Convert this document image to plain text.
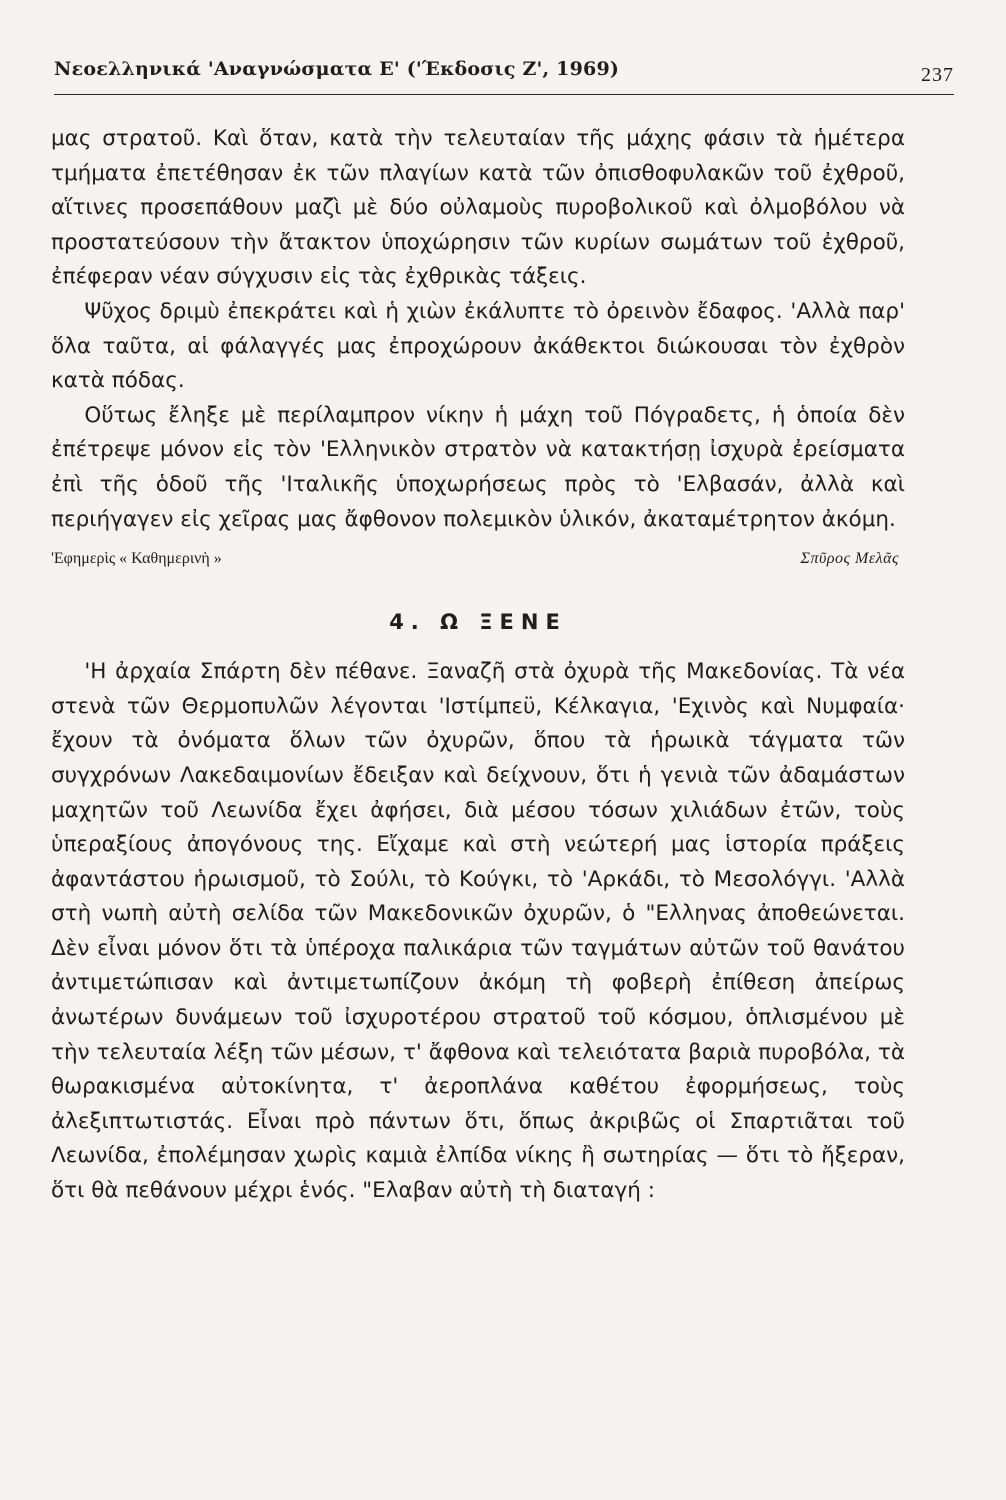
Νεοελληνικά 'Αναγνώσματα Ε' ('Έκδοσις Ζ', 1969)	237

μας στρατοῦ. Καὶ ὅταν, κατὰ τὴν τελευταίαν τῆς μάχης φάσιν τὰ ἡμέτερα τμήματα ἐπετέθησαν ἐκ τῶν πλαγίων κατὰ τῶν ὀπισθοφυλακῶν τοῦ ἐχθροῦ, αἵτινες προσεπάθουν μαζὶ μὲ δύο οὐλαμοὺς πυροβολικοῦ καὶ ὀλμοβόλου νὰ προστατεύσουν τὴν ἄτακτον ὑποχώρησιν τῶν κυρίων σωμάτων τοῦ ἐχθροῦ, ἐπέφεραν νέαν σύγχυσιν εἰς τὰς ἐχθρικὰς τάξεις.

Ψῦχος δριμὺ ἐπεκράτει καὶ ἡ χιὼν ἐκάλυπτε τὸ ὀρεινὸν ἔδαφος. 'Αλλὰ παρ' ὅλα ταῦτα, αἱ φάλαγγές μας ἐπροχώρουν ἀκάθεκτοι διώκουσαι τὸν ἐχθρὸν κατὰ πόδας.

Οὕτως ἔληξε μὲ περίλαμπρον νίκην ἡ μάχη τοῦ Πόγραδετς, ἡ ὁποία δὲν ἐπέτρεψε μόνον εἰς τὸν 'Ελληνικὸν στρατὸν νὰ κατακτήσῃ ἰσχυρὰ ἐρείσματα ἐπὶ τῆς ὁδοῦ τῆς 'Ιταλικῆς ὑποχωρήσεως πρὸς τὸ 'Ελβασάν, ἀλλὰ καὶ περιήγαγεν εἰς χεῖρας μας ἄφθονον πολεμικὸν ὑλικόν, ἀκαταμέτρητον ἀκόμη.

'Εφημερὶς « Καθημερινὴ »	Σπῦρος Μελᾶς
4. Ω ΞΕΝΕ

'Η ἀρχαία Σπάρτη δὲν πέθανε. Ξαναζῆ στὰ ὀχυρὰ τῆς Μακεδονίας. Τὰ νέα στενὰ τῶν Θερμοπυλῶν λέγονται 'Ιστίμπεϋ, Κέλκαγια, 'Εχινὸς καὶ Νυμφαία· ἔχουν τὰ ὀνόματα ὅλων τῶν ὀχυρῶν, ὅπου τὰ ἡρωικὰ τάγματα τῶν συγχρόνων Λακεδαιμονίων ἔδειξαν καὶ δείχνουν, ὅτι ἡ γενιὰ τῶν ἀδαμάστων μαχητῶν τοῦ Λεωνίδα ἔχει ἀφήσει, διὰ μέσου τόσων χιλιάδων ἐτῶν, τοὺς ὑπεραξίους ἀπογόνους της. Εἴχαμε καὶ στὴ νεώτερή μας ἱστορία πράξεις ἀφαντάστου ἡρωισμοῦ, τὸ Σούλι, τὸ Κούγκι, τὸ 'Αρκάδι, τὸ Μεσολόγγι. 'Αλλὰ στὴ νωπὴ αὐτὴ σελίδα τῶν Μακεδονικῶν ὀχυρῶν, ὁ "Ελληνας ἀποθεώνεται. Δὲν εἶναι μόνον ὅτι τὰ ὑπέροχα παλικάρια τῶν ταγμάτων αὐτῶν τοῦ θανάτου ἀντιμετώπισαν καὶ ἀντιμετωπίζουν ἀκόμη τὴ φοβερὴ ἐπίθεση ἀπείρως ἀνωτέρων δυνάμεων τοῦ ἰσχυροτέρου στρατοῦ τοῦ κόσμου, ὁπλισμένου μὲ τὴν τελευταία λέξη τῶν μέσων, τ' ἄφθονα καὶ τελειότατα βαριὰ πυροβόλα, τὰ θωρακισμένα αὐτοκίνητα, τ' ἀεροπλάνα καθέτου ἐφορμήσεως, τοὺς ἀλεξιπτωτιστάς. Εἶναι πρὸ πάντων ὅτι, ὅπως ἀκριβῶς οἱ Σπαρτιᾶται τοῦ Λεωνίδα, ἐπολέμησαν χωρὶς καμιὰ ἐλπίδα νίκης ἢ σωτηρίας — ὅτι τὸ ἤξεραν, ὅτι θὰ πεθάνουν μέχρι ἑνός. "Ελαβαν αὐτὴ τὴ διαταγή :
